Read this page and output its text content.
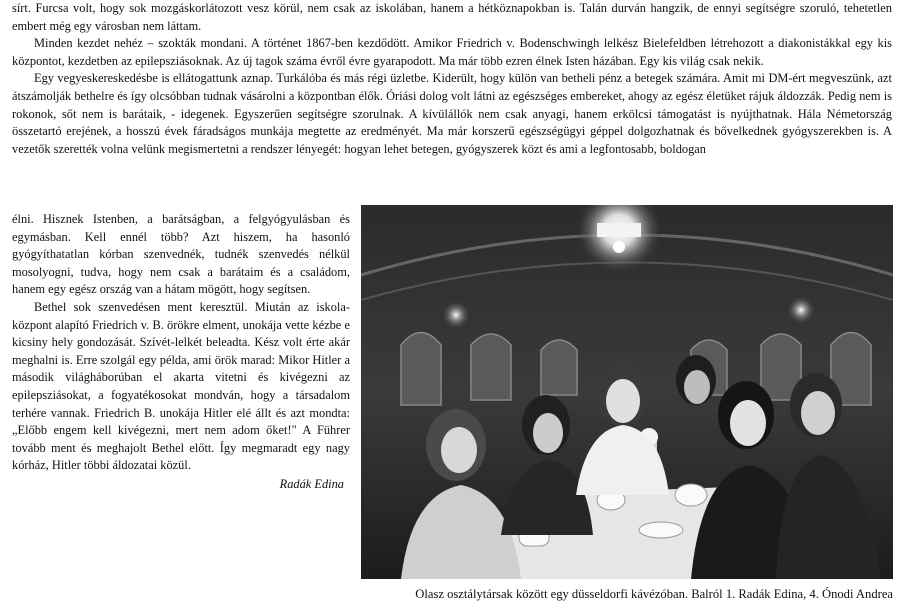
sírt. Furcsa volt, hogy sok mozgáskorlátozott vesz körül, nem csak az iskolában, hanem a hétköznapokban is. Talán durván hangzik, de ennyi segítségre szoruló, tehetetlen embert még egy városban nem láttam.

Minden kezdet nehéz – szokták mondani. A történet 1867-ben kezdődött. Amikor Friedrich v. Bodenschwingh lelkész Bielefeldben létrehozott a diakonistákkal egy kis központot, kezdetben az epilepsziásoknak. Az új tagok száma évről évre gyarapodott. Ma már több ezren élnek Isten házában. Egy kis világ csak nekik.

Egy vegyeskereskedésbe is ellátogattunk aznap. Turkálóba és más régi üzletbe. Kiderült, hogy külön van betheli pénz a betegek számára. Amit mi DM-ért megveszünk, azt átszámolják bethelre és így olcsóbban tudnak vásárolni a központban élők. Óriási dolog volt látni az egészséges embereket, ahogy az egész életüket rájuk áldozzák. Pedig nem is rokonok, sőt nem is barátaik, - idegenek. Egyszerűen segítségre szorulnak. A kívülállók nem csak anyagi, hanem erkölcsi támogatást is nyújthatnak. Hála Németország összetartó erejének, a hosszú évek fáradságos munkája megtette az eredményét. Ma már korszerű egészségügyi géppel dolgozhatnak és bővelkednek gyógyszerekben is. A vezetők szerették volna velünk megismertetni a rendszer lényegét: hogyan lehet betegen, gyógyszerek közt és ami a legfontosabb, boldogan

élni. Hisznek Istenben, a barátságban, a felgyógyulásban és egymásban. Kell ennél több? Azt hiszem, ha hasonló gyógyíthatatlan kórban szenvednék, tudnék szenvedés nélkül mosolyogni, tudva, hogy nem csak a barátaim és a családom, hanem egy egész ország van a hátam mögött, hogy segítsen.

Bethel sok szenvedésen ment keresztül. Miután az iskola-központ alapító Friedrich v. B. örökre elment, unokája vette kézbe e kicsiny hely gondozását. Szívét-lelkét beleadta. Kész volt érte akár meghalni is. Erre szolgál egy példa, ami örök marad: Mikor Hitler a második világháborúban el akarta vitetni és kivégezni az epilepsziásokat, a fogyatékosokat mondván, hogy a társadalom terhére vannak. Friedrich B. unokája Hitler elé állt és azt mondta: „Előbb engem kell kivégezni, mert nem adom őket!" A Führer tovább ment és meghajolt Bethel előtt. Így megmaradt egy nagy kórház, Hitler többi áldozatai közül.

Radák Edina
Olasz osztálytársak között egy düsseldorfi kávézóban. Balról 1. Radák Edina, 4. Ónodi Andrea
